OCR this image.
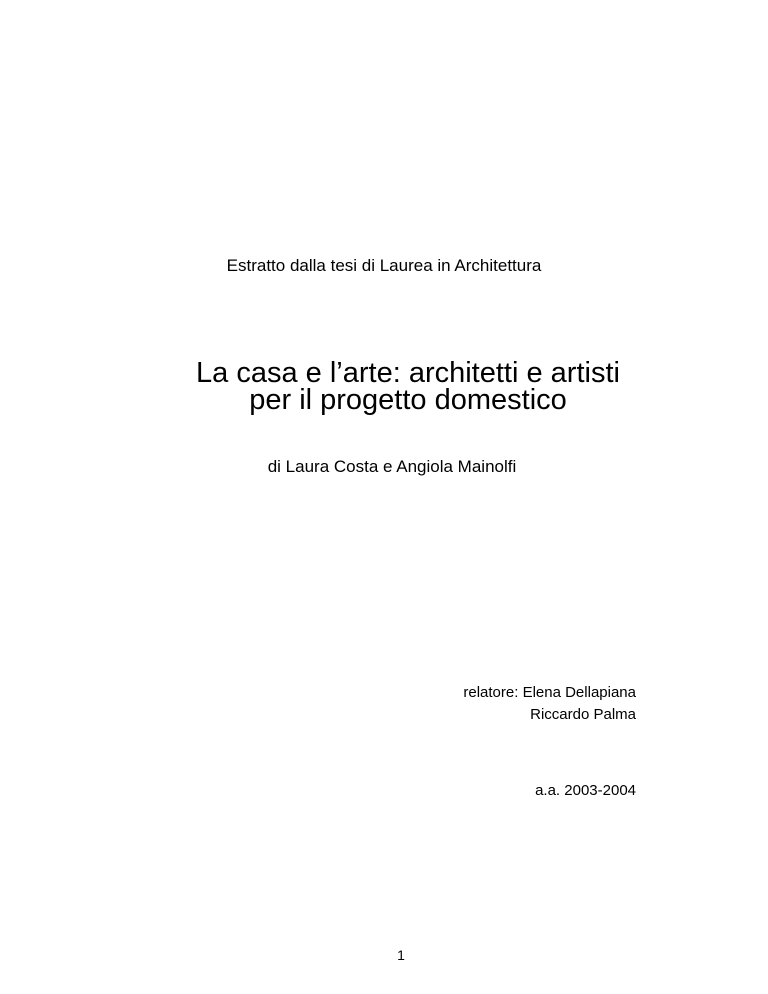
Estratto dalla tesi di Laurea in Architettura
La casa e l’arte: architetti e artisti
per il progetto domestico
di Laura Costa e Angiola Mainolfi
relatore: Elena Dellapiana
Riccardo Palma
a.a. 2003-2004
1
